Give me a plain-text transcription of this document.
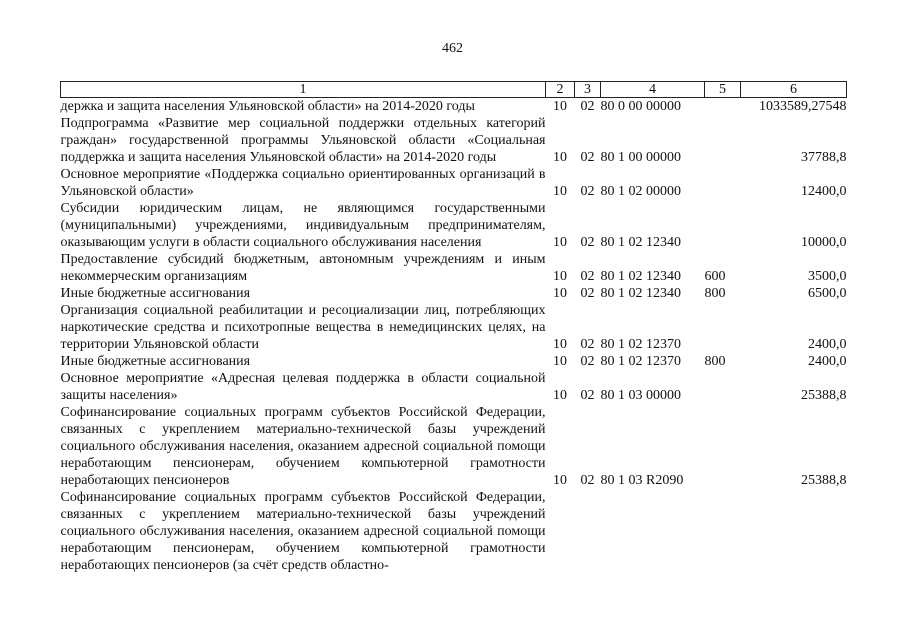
462
1	2	3	4	5	6
держка и защита населения Ульяновской области» на 2014-2020 годы	10	02	80 0 00 00000		1033589,27548
Подпрограмма «Развитие мер социальной поддержки отдельных категорий граждан» государственной программы Ульяновской области «Социальная поддержка и защита населения Ульяновской области» на 2014-2020 годы	10	02	80 1 00 00000		37788,8
Основное мероприятие «Поддержка социально ориентированных организаций в Ульяновской области»	10	02	80 1 02 00000		12400,0
Субсидии юридическим лицам, не являющимся государственными (муниципальными) учреждениями, индивидуальным предпринимателям, оказывающим услуги в области социального обслуживания населения	10	02	80 1 02 12340		10000,0
Предоставление субсидий бюджетным, автономным учреждениям и иным некоммерческим организациям	10	02	80 1 02 12340	600	3500,0
Иные бюджетные ассигнования	10	02	80 1 02 12340	800	6500,0
Организация социальной реабилитации и ресоциализации лиц, потребляющих наркотические средства и психотропные вещества в немедицинских целях, на территории Ульяновской области	10	02	80 1 02 12370		2400,0
Иные бюджетные ассигнования	10	02	80 1 02 12370	800	2400,0
Основное мероприятие «Адресная целевая поддержка в области социальной защиты населения»	10	02	80 1 03 00000		25388,8
Софинансирование социальных программ субъектов Российской Федерации, связанных с укреплением материально-технической базы учреждений социального обслуживания населения, оказанием адресной социальной помощи неработающим пенсионерам, обучением компьютерной грамотности неработающих пенсионеров	10	02	80 1 03 R2090		25388,8
Софинансирование социальных программ субъектов Российской Федерации, связанных с укреплением материально-технической базы учреждений социального обслуживания населения, оказанием адресной социальной помощи неработающим пенсионерам, обучением компьютерной грамотности неработающих пенсионеров (за счёт средств областно-					
